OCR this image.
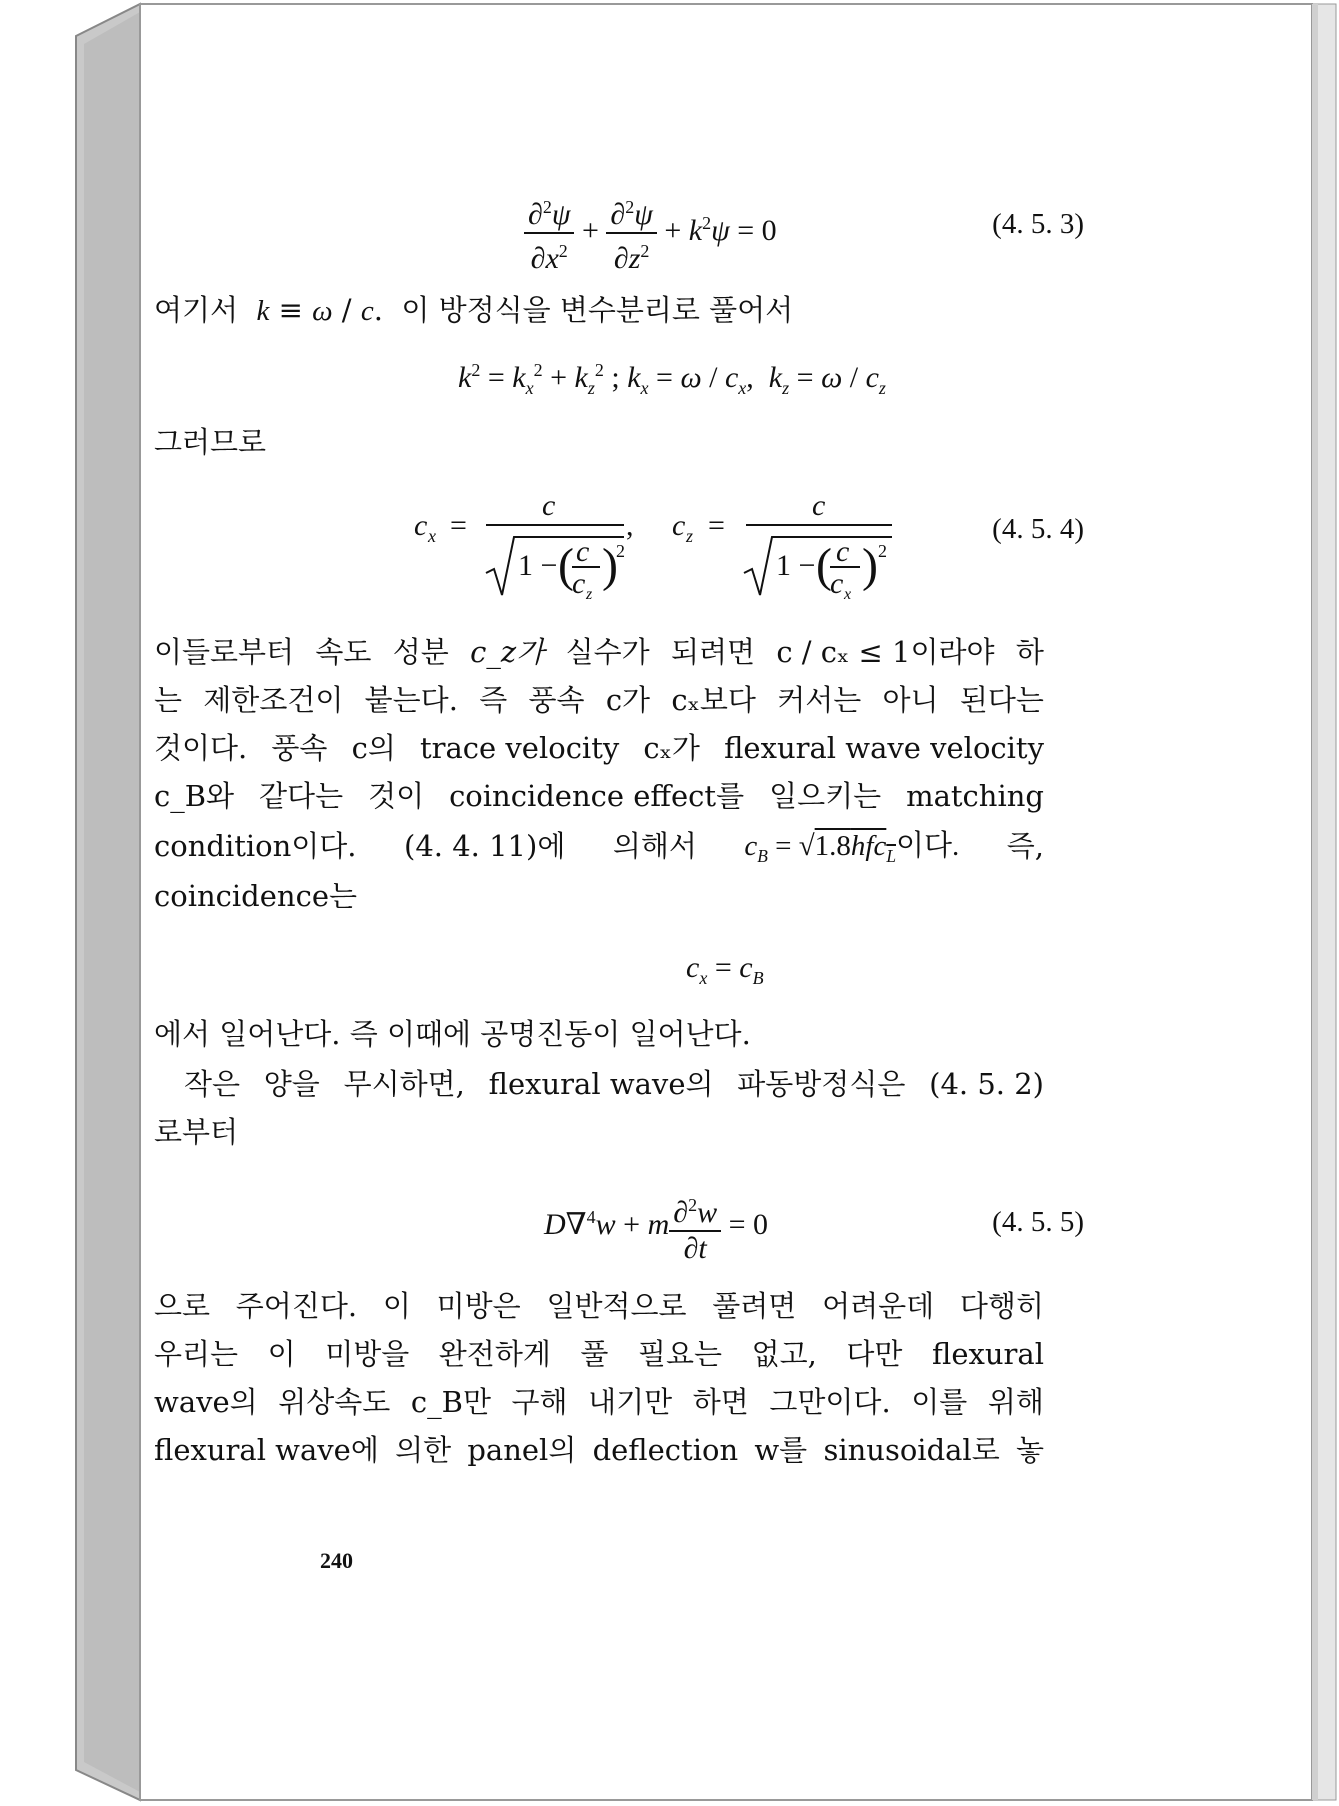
$\frac{\partial^2\psi}{\partial x^2} + \frac{\partial^2\psi}{\partial z^2} + k^2\psi = 0$	(4. 5. 3)
여기서 k ≡ ω / c.  이 방정식을 변수분리로 풀어서
$k^2 = k_x^2 + k_z^2$ ; $k_x = \omega / c_x$,  $k_z = \omega / c_z$
그러므로
c x =
c
1 − ( c
c z
)
2
, c z =
c
1 − ( c
c x
) 2
(4. 5. 4)
이들로부터 속도 성분 c_z가 실수가 되려면 c / cₓ ≤ 1이라야 하
는 제한조건이 붙는다. 즉 풍속 c가 cₓ보다 커서는 아니 된다는
것이다. 풍속 c의 trace velocity cₓ가 flexural wave velocity
c_B와 같다는 것이 coincidence effect를 일으키는 matching
condition이다. (4. 4. 11)에 의해서 $c_B = √1.8hfc_L$이다. 즉,
coincidence는
$c_x = c_B$
에서 일어난다. 즉 이때에 공명진동이 일어난다.
작은 양을 무시하면, flexural wave의 파동방정식은 (4. 5. 2)
로부터
D∇$^4$w + m $\frac{\partial^2w}{\partial t} = 0$	(4. 5. 5)
으로 주어진다. 이 미방은 일반적으로 풀려면 어려운데 다행히
우리는 이 미방을 완전하게 풀 필요는 없고, 다만 flexural
wave의 위상속도 c_B만 구해 내기만 하면 그만이다. 이를 위해
flexural wave에 의한 panel의 deflection w를 sinusoidal로 놓
240
